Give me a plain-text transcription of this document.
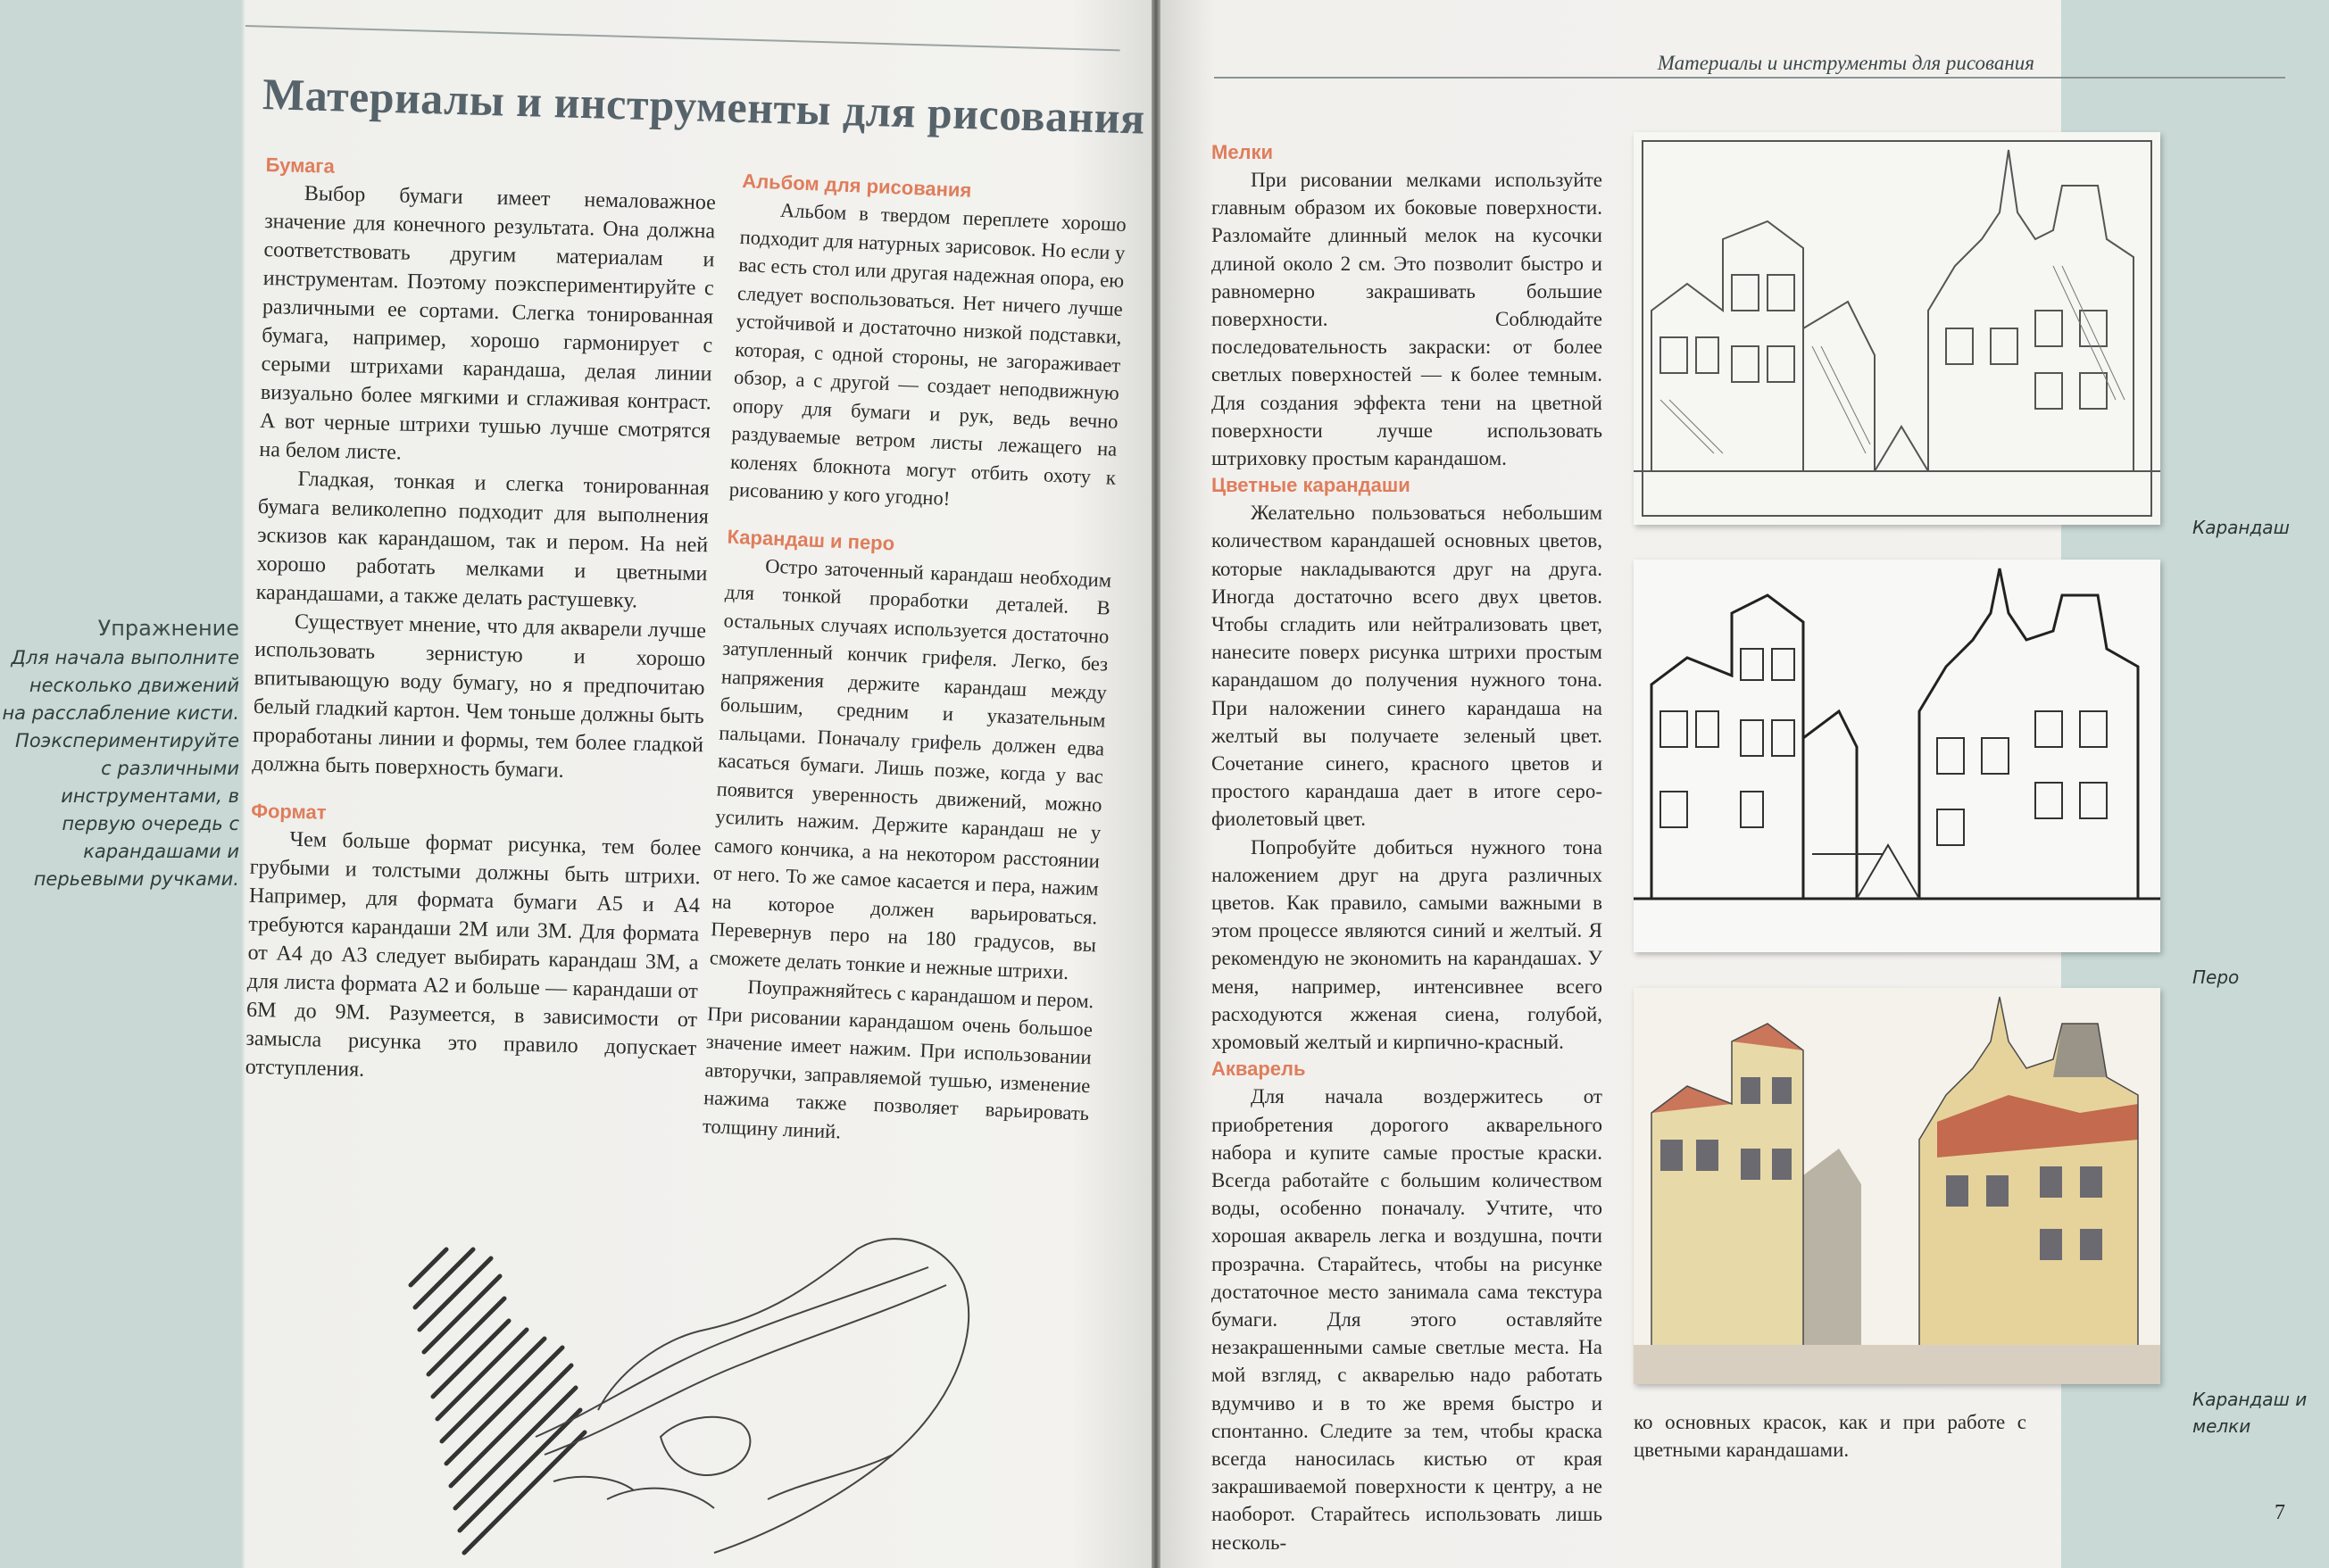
Материалы и инструменты для рисования
Упражнение
Для начала выполните несколько движений на расслабление кисти. Поэкспериментируйте с различными инструментами, в первую очередь с карандашами и перьевыми ручками.
Бумага

Выбор бумаги имеет немаловажное значение для конечного результата. Она должна соответствовать другим материалам и инструментам. Поэтому поэкспериментируйте с различными ее сортами. Слегка тонированная бумага, например, хорошо гармонирует с серыми штрихами карандаша, делая линии визуально более мягкими и сглаживая контраст. А вот черные штрихи тушью лучше смотрятся на белом листе.

Гладкая, тонкая и слегка тонированная бумага великолепно подходит для выполнения эскизов как карандашом, так и пером. На ней хорошо работать мелками и цветными карандашами, а также делать растушевку.

Существует мнение, что для акварели лучше использовать зернистую и хорошо впитывающую воду бумагу, но я предпочитаю белый гладкий картон. Чем тоньше должны быть проработаны линии и формы, тем более гладкой должна быть поверхность бумаги.

Формат

Чем больше формат рисунка, тем более грубыми и толстыми должны быть штрихи. Например, для формата бумаги А5 и А4 требуются карандаши 2М или 3М. Для формата от А4 до А3 следует выбирать карандаш 3М, а для листа формата А2 и больше — карандаши от 6М до 9М. Разумеется, в зависимости от замысла рисунка это правило допускает отступления.

Альбом для рисования

Альбом в твердом переплете хорошо подходит для натурных зарисовок. Но если у вас есть стол или другая надежная опора, ею следует воспользоваться. Нет ничего лучше устойчивой и достаточно низкой подставки, которая, с одной стороны, не загораживает обзор, а с другой — создает неподвижную опору для бумаги и рук, ведь вечно раздуваемые ветром листы лежащего на коленях блокнота могут отбить охоту к рисованию у кого угодно!

Карандаш и перо

Остро заточенный карандаш необходим для тонкой проработки деталей. В остальных случаях используется достаточно затупленный кончик грифеля. Легко, без напряжения держите карандаш между большим, средним и указательным пальцами. Поначалу грифель должен едва касаться бумаги. Лишь позже, когда у вас появится уверенность движений, можно усилить нажим. Держите карандаш не у самого кончика, а на некотором расстоянии от него. То же самое касается и пера, нажим на которое должен варьироваться. Перевернув перо на 180 градусов, вы сможете делать тонкие и нежные штрихи.

Поупражняйтесь с карандашом и пером. При рисовании карандашом очень большое значение имеет нажим. При использовании авторучки, заправляемой тушью, изменение нажима также позволяет варьировать толщину линий.

Материалы и инструменты для рисования
Мелки

При рисовании мелками используйте главным образом их боковые поверхности. Разломайте длинный мелок на кусочки длиной около 2 см. Это позволит быстро и равномерно закрашивать большие поверхности. Соблюдайте последовательность закраски: от более светлых поверхностей — к более темным. Для создания эффекта тени на цветной поверхности лучше использовать штриховку простым карандашом.

Цветные карандаши

Желательно пользоваться небольшим количеством карандашей основных цветов, которые накладываются друг на друга. Иногда достаточно всего двух цветов. Чтобы сгладить или нейтрализовать цвет, нанесите поверх рисунка штрихи простым карандашом до получения нужного тона. При наложении синего карандаша на желтый вы получаете зеленый цвет. Сочетание синего, красного цветов и простого карандаша дает в итоге серо-фиолетовый цвет.

Попробуйте добиться нужного тона наложением друг на друга различных цветов. Как правило, самыми важными в этом процессе являются синий и желтый. Я рекомендую не экономить на карандашах. У меня, например, интенсивнее всего расходуются жженая сиена, голубой, хромовый желтый и кирпично-красный.

Акварель

Для начала воздержитесь от приобретения дорогого акварельного набора и купите самые простые краски. Всегда работайте с большим количеством воды, особенно поначалу. Учтите, что хорошая акварель легка и воздушна, почти прозрачна. Старайтесь, чтобы на рисунке достаточное место занимала сама текстура бумаги. Для этого оставляйте незакрашенными самые светлые места. На мой взгляд, с акварелью надо работать вдумчиво и в то же время быстро и спонтанно. Следите за тем, чтобы краска всегда наносилась кистью от края закрашиваемой поверхности к центру, а не наоборот. Старайтесь использовать лишь несколь-

ко основных красок, как и при работе с цветными карандашами.
Карандаш
Перо
Карандаш и мелки
7
